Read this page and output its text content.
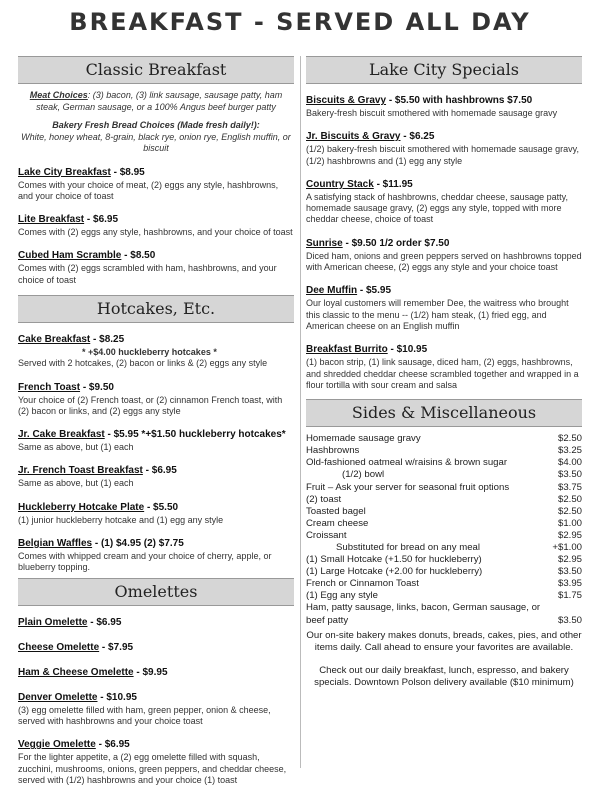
BREAKFAST - SERVED ALL DAY
Classic Breakfast
Meat Choices: (3) bacon, (3) link sausage, sausage patty, ham steak, German sausage, or a 100% Angus beef burger patty
Bakery Fresh Bread Choices (Made fresh daily!):
White, honey wheat, 8-grain, black rye, onion rye, English muffin, or biscuit
Lake City Breakfast - $8.95
Comes with your choice of meat, (2) eggs any style, hashbrowns, and your choice of toast
Lite Breakfast - $6.95
Comes with (2) eggs any style, hashbrowns, and your choice of toast
Cubed Ham Scramble - $8.50
Comes with (2) eggs scrambled with ham, hashbrowns, and your choice of toast
Hotcakes, Etc.
Cake Breakfast - $8.25
* +$4.00 huckleberry hotcakes *
Served with 2 hotcakes, (2) bacon or links & (2) eggs any style
French Toast - $9.50
Your choice of (2) French toast, or (2) cinnamon French toast, with (2) bacon or links, and (2) eggs any style
Jr. Cake Breakfast - $5.95 *+$1.50 huckleberry hotcakes*
Same as above, but (1) each
Jr. French Toast Breakfast - $6.95
Same as above, but (1) each
Huckleberry Hotcake Plate - $5.50
(1) junior huckleberry hotcake and (1) egg any style
Belgian Waffles - (1) $4.95 (2) $7.75
Comes with whipped cream and your choice of cherry, apple, or blueberry topping.
Omelettes
Plain Omelette - $6.95
Cheese Omelette - $7.95
Ham & Cheese Omelette - $9.95
Denver Omelette - $10.95
(3) egg omelette filled with ham, green pepper, onion & cheese, served with hashbrowns and your choice toast
Veggie Omelette - $6.95
For the lighter appetite, a (2) egg omelette filled with squash, zucchini, mushrooms, onions, green peppers, and cheddar cheese, served with (1/2) hashbrowns and your choice (1) toast
Lake City Specials
Biscuits & Gravy - $5.50 with hashbrowns $7.50
Bakery-fresh biscuit smothered with homemade sausage gravy
Jr. Biscuits & Gravy - $6.25
(1/2) bakery-fresh biscuit smothered with homemade sausage gravy, (1/2) hashbrowns and (1) egg any style
Country Stack - $11.95
A satisfying stack of hashbrowns, cheddar cheese, sausage patty, homemade sausage gravy, (2) eggs any style, topped with more cheddar cheese, choice of toast
Sunrise - $9.50 1/2 order $7.50
Diced ham, onions and green peppers served on hashbrowns topped with American cheese, (2) eggs any style and your choice toast
Dee Muffin - $5.95
Our loyal customers will remember Dee, the waitress who brought this classic to the menu -- (1/2) ham steak, (1) fried egg, and American cheese on an English muffin
Breakfast Burrito - $10.95
(1) bacon strip, (1) link sausage, diced ham, (2) eggs, hashbrowns, and shredded cheddar cheese scrambled together and wrapped in a flour tortilla with sour cream and salsa
Sides & Miscellaneous
Homemade sausage gravy	$2.50
Hashbrowns	$3.25
Old-fashioned oatmeal w/raisins & brown sugar	$4.00
(1/2) bowl	$3.50
Fruit – Ask your server for seasonal fruit options	$3.75
(2) toast	$2.50
Toasted bagel	$2.50
Cream cheese	$1.00
Croissant	$2.95
Substituted for bread on any meal	+$1.00
(1) Small Hotcake (+1.50 for huckleberry)	$2.95
(1) Large Hotcake (+2.00 for huckleberry)	$3.50
French or Cinnamon Toast	$3.95
(1) Egg any style	$1.75
Ham, patty sausage, links, bacon, German sausage, or
beef patty	$3.50
Our on-site bakery makes donuts, breads, cakes, pies, and other items daily. Call ahead to ensure your favorites are available.
Check out our daily breakfast, lunch, espresso, and bakery specials. Downtown Polson delivery available ($10 minimum)
